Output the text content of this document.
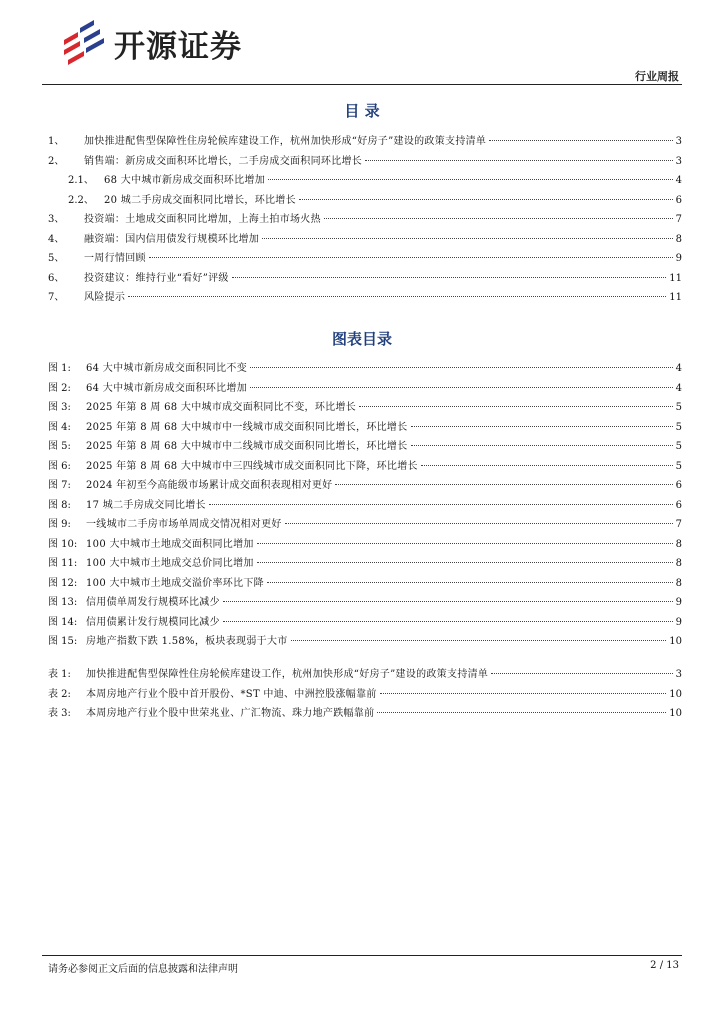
开源证券
行业周报
目 录
1、	加快推进配售型保障性住房轮候库建设工作，杭州加快形成“好房子”建设的政策支持清单	3
2、	销售端：新房成交面积环比增长，二手房成交面积同环比增长	3
2.1、	68 大中城市新房成交面积环比增加	4
2.2、	20 城二手房成交面积同比增长，环比增长	6
3、	投资端：土地成交面积同比增加，上海土拍市场火热	7
4、	融资端：国内信用债发行规模环比增加	8
5、	一周行情回顾	9
6、	投资建议：维持行业“看好”评级	11
7、	风险提示	11
图表目录
图 1:	64 大中城市新房成交面积同比不变	4
图 2:	64 大中城市新房成交面积环比增加	4
图 3:	2025 年第 8 周 68 大中城市成交面积同比不变，环比增长	5
图 4:	2025 年第 8 周 68 大中城市中一线城市成交面积同比增长，环比增长	5
图 5:	2025 年第 8 周 68 大中城市中二线城市成交面积同比增长，环比增长	5
图 6:	2025 年第 8 周 68 大中城市中三四线城市成交面积同比下降，环比增长	5
图 7:	2024 年初至今高能级市场累计成交面积表现相对更好	6
图 8:	17 城二手房成交同比增长	6
图 9:	一线城市二手房市场单周成交情况相对更好	7
图 10: 100 大中城市土地成交面积同比增加	8
图 11: 100 大中城市土地成交总价同比增加	8
图 12: 100 大中城市土地成交溢价率环比下降	8
图 13: 信用债单周发行规模环比减少	9
图 14: 信用债累计发行规模同比减少	9
图 15: 房地产指数下跌 1.58%，板块表现弱于大市	10
表 1:	加快推进配售型保障性住房轮候库建设工作，杭州加快形成“好房子”建设的政策支持清单	3
表 2:	本周房地产行业个股中首开股份、*ST 中迪、中洲控股涨幅靠前	10
表 3:	本周房地产行业个股中世荣兆业、广汇物流、珠力地产跌幅靠前	10
请务必参阅正文后面的信息披露和法律声明	2 / 13
